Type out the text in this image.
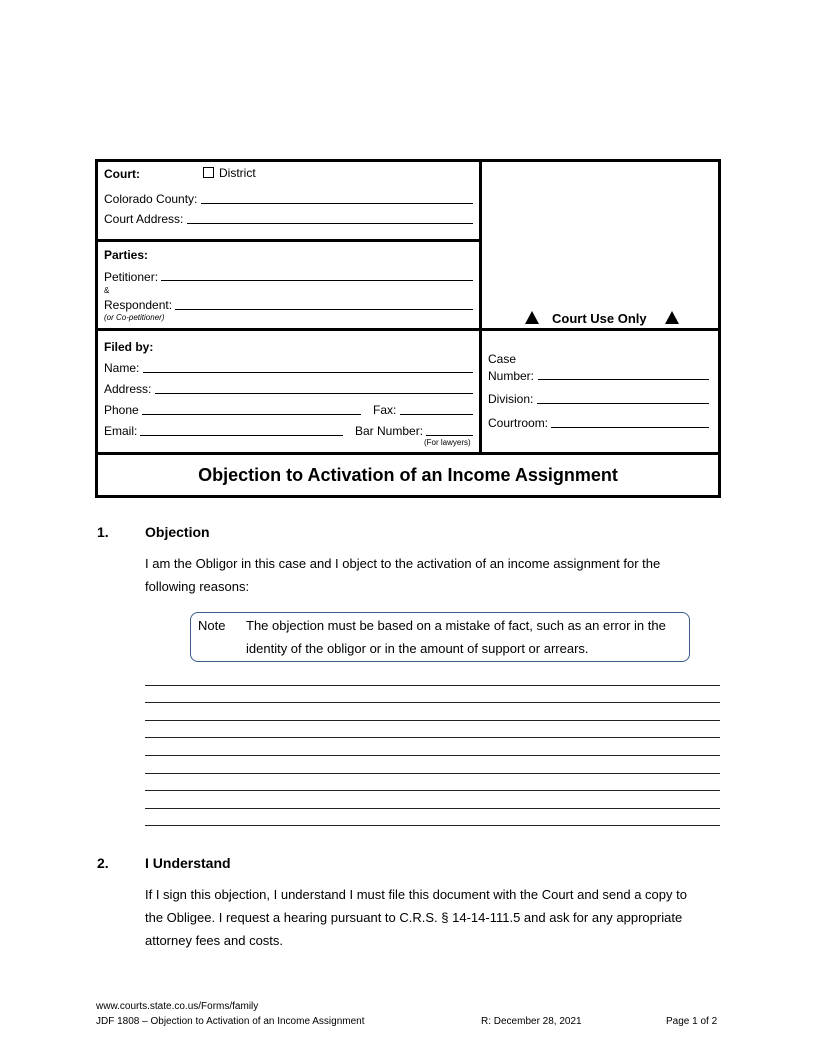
Court:	District
Colorado County:
Court Address:
Parties:
Petitioner:
&
Respondent:
(or Co-petitioner)	Court Use Only
Filed by:
Name:
Address:
Phone	Fax:
Email:	Bar Number:
(For lawyers)
Case
Number:
Division:
Courtroom:
Objection to Activation of an Income Assignment
1.	Objection
I am the Obligor in this case and I object to the activation of an income assignment for the
following reasons:
Note The objection must be based on a mistake of fact, such as an error in the
identity of the obligor or in the amount of support or arrears.
2.	I Understand
If I sign this objection, I understand I must file this document with the Court and send a copy to
the Obligee. I request a hearing pursuant to C.R.S. § 14-14-111.5 and ask for any appropriate
attorney fees and costs.
www.courts.state.co.us/Forms/family
JDF 1808 – Objection to Activation of an Income Assignment	R: December 28, 2021	Page 1 of 2
